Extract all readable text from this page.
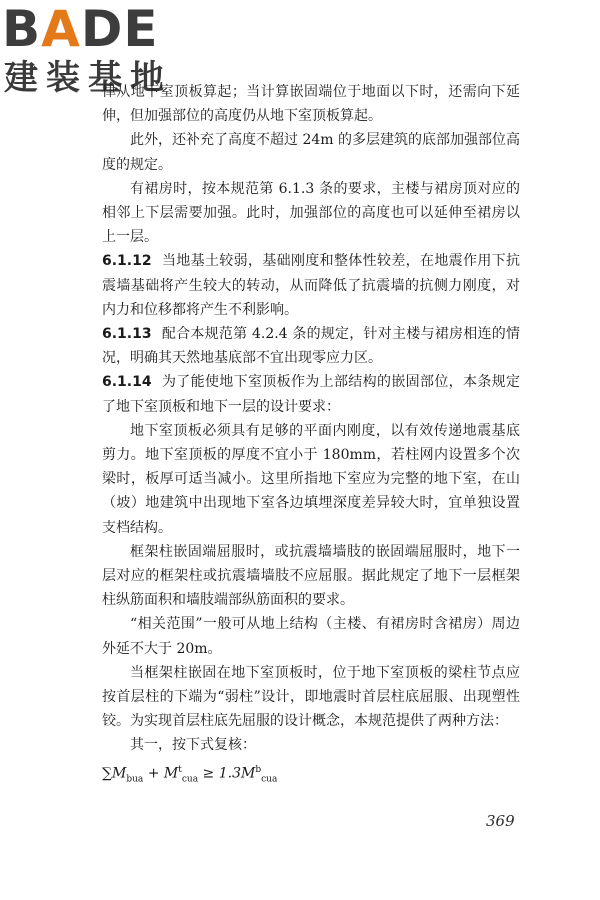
BADE
建装基地

律从地下室顶板算起；当计算嵌固端位于地面以下时，还需向下延伸，但加强部位的高度仍从地下室顶板算起。

此外，还补充了高度不超过 24m 的多层建筑的底部加强部位高度的规定。

有裙房时，按本规范第 6.1.3 条的要求，主楼与裙房顶对应的相邻上下层需要加强。此时，加强部位的高度也可以延伸至裙房以上一层。

6.1.12 当地基土较弱，基础刚度和整体性较差，在地震作用下抗震墙基础将产生较大的转动，从而降低了抗震墙的抗侧力刚度，对内力和位移都将产生不利影响。

6.1.13 配合本规范第 4.2.4 条的规定，针对主楼与裙房相连的情况，明确其天然地基底部不宜出现零应力区。

6.1.14 为了能使地下室顶板作为上部结构的嵌固部位，本条规定了地下室顶板和地下一层的设计要求：

地下室顶板必须具有足够的平面内刚度，以有效传递地震基底剪力。地下室顶板的厚度不宜小于 180mm，若柱网内设置多个次梁时，板厚可适当减小。这里所指地下室应为完整的地下室，在山（坡）地建筑中出现地下室各边填埋深度差异较大时，宜单独设置支档结构。

框架柱嵌固端屈服时，或抗震墙墙肢的嵌固端屈服时，地下一层对应的框架柱或抗震墙墙肢不应屈服。据此规定了地下一层框架柱纵筋面积和墙肢端部纵筋面积的要求。

“相关范围”一般可从地上结构（主楼、有裙房时含裙房）周边外延不大于 20m。

当框架柱嵌固在地下室顶板时，位于地下室顶板的梁柱节点应按首层柱的下端为“弱柱”设计，即地震时首层柱底屈服、出现塑性铰。为实现首层柱底先屈服的设计概念，本规范提供了两种方法：

其一，按下式复核：

$\sum M_{bua} + M^t_{cua} \ge 1.3M^b_{cua}$

369
